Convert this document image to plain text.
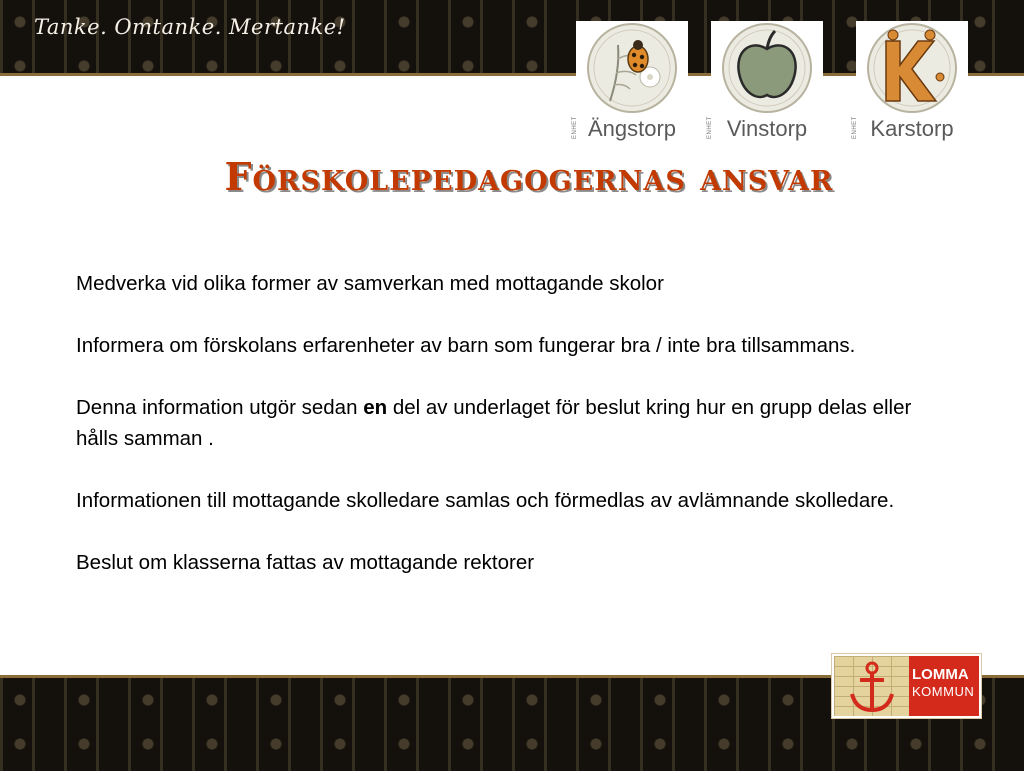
Tanke. Omtanke. Mertanke!
ENHET Ängstorp	ENHET Vinstorp	ENHET Karstorp
Förskolepedagogernas ansvar

Medverka vid olika former av samverkan med mottagande skolor

Informera om förskolans erfarenheter av barn som fungerar bra / inte bra tillsammans.

Denna information utgör sedan en del av underlaget för beslut kring hur en grupp delas eller hålls samman .

Informationen till mottagande skolledare samlas och förmedlas av avlämnande skolledare.

Beslut om klasserna fattas av mottagande rektorer

LOMMA
KOMMUN
